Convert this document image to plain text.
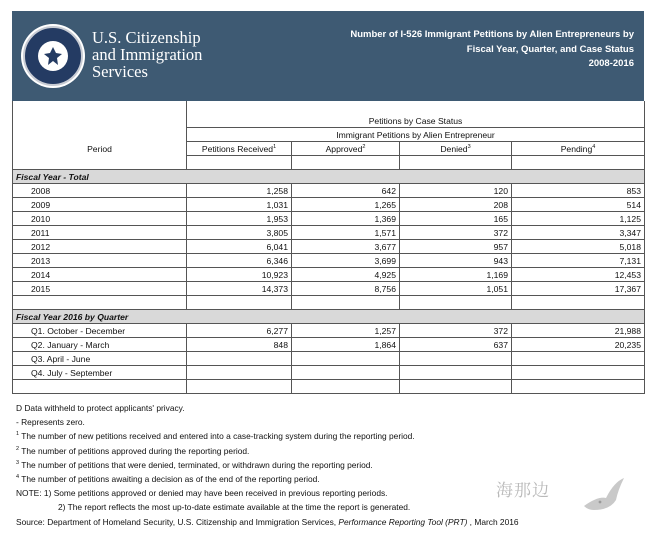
U.S. Citizenship
and Immigration
Services
Number of I-526 Immigrant Petitions by Alien Entrepreneurs by
Fiscal Year, Quarter, and Case Status
2008-2016

	Petitions by Case Status			
	Immigrant Petitions by Alien Entrepreneur			
Period	Petitions Received$^1$	Approved$^2$	Denied$^3$	Pending$^4$

Fiscal Year - Total				
2008	1,258	642	120	853
2009	1,031	1,265	208	514
2010	1,953	1,369	165	1,125
2011	3,805	1,571	372	3,347
2012	6,041	3,677	957	5,018
2013	6,346	3,699	943	7,131
2014	10,923	4,925	1,169	12,453
2015	14,373	8,756	1,051	17,367

Fiscal Year 2016 by Quarter				
Q1. October - December	6,277	1,257	372	21,988
Q2. January - March	848	1,864	637	20,235
Q3. April - June				
Q4. July - September				

D Data withheld to protect applicants' privacy.
- Represents zero.
$^1$ The number of new petitions received and entered into a case-tracking system during the reporting period.
$^2$ The number of petitions approved during the reporting period.
$^3$ The number of petitions that were denied, terminated, or withdrawn during the reporting period.
$^4$ The number of petitions awaiting a decision as of the end of the reporting period.
NOTE: 1) Some petitions approved or denied may have been received in previous reporting periods.
2) The report reflects the most up-to-date estimate available at the time the report is generated.
Source: Department of Homeland Security, U.S. Citizenship and Immigration Services, Performance Reporting Tool (PRT) , March 2016
海那边
